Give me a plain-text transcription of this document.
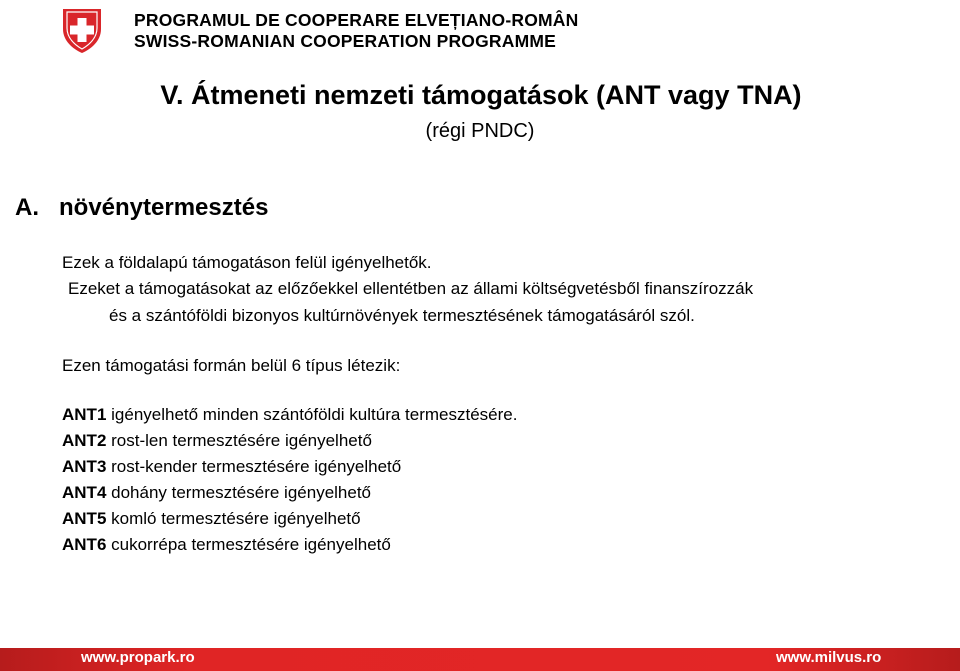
PROGRAMUL DE COOPERARE ELVEȚIANO-ROMÂN
SWISS-ROMANIAN COOPERATION PROGRAMME
V. Átmeneti nemzeti támogatások (ANT vagy TNA)
(régi PNDC)
A. növénytermesztés
Ezek a földalapú támogatáson felül igényelhetők.
Ezeket a támogatásokat az előzőekkel ellentétben az állami költségvetésből finanszírozzák
és a szántóföldi bizonyos kultúrnövények termesztésének támogatásáról szól.
Ezen támogatási formán belül 6 típus létezik:
ANT1 igényelhető minden szántóföldi kultúra termesztésére.
ANT2 rost-len termesztésére igényelhető
ANT3 rost-kender termesztésére igényelhető
ANT4 dohány termesztésére igényelhető
ANT5 komló termesztésére igényelhető
ANT6 cukorrépa termesztésére igényelhető
www.propark.ro	www.milvus.ro
